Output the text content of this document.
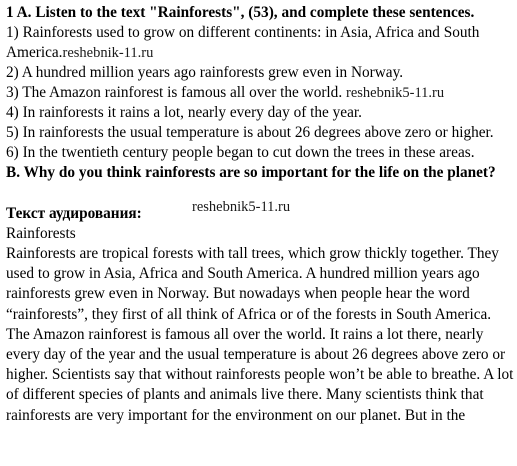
1 A. Listen to the text "Rainforests", (53), and complete these sentences.
1) Rainforests used to grow on different continents: in Asia, Africa and South
America.reshebnik-11.ru
2) A hundred million years ago rainforests grew even in Norway.
3) The Amazon rainforest is famous all over the world. reshebnik5-11.ru
4) In rainforests it rains a lot, nearly every day of the year.
5) In rainforests the usual temperature is about 26 degrees above zero or higher.
6) In the twentieth century people began to cut down the trees in these areas.
B. Why do you think rainforests are so important for the life on the planet?
Текст аудирования:	reshebnik5-11.ru
Rainforests
Rainforests are tropical forests with tall trees, which grow thickly together. They
used to grow in Asia, Africa and South America. A hundred million years ago
rainforests grew even in Norway. But nowadays when people hear the word
“rainforests”, they first of all think of Africa or of the forests in South America.
The Amazon rainforest is famous all over the world. It rains a lot there, nearly
every day of the year and the usual temperature is about 26 degrees above zero or
higher. Scientists say that without rainforests people won’t be able to breathe. A lot
of different species of plants and animals live there. Many scientists think that
rainforests are very important for the environment on our planet. But in the
